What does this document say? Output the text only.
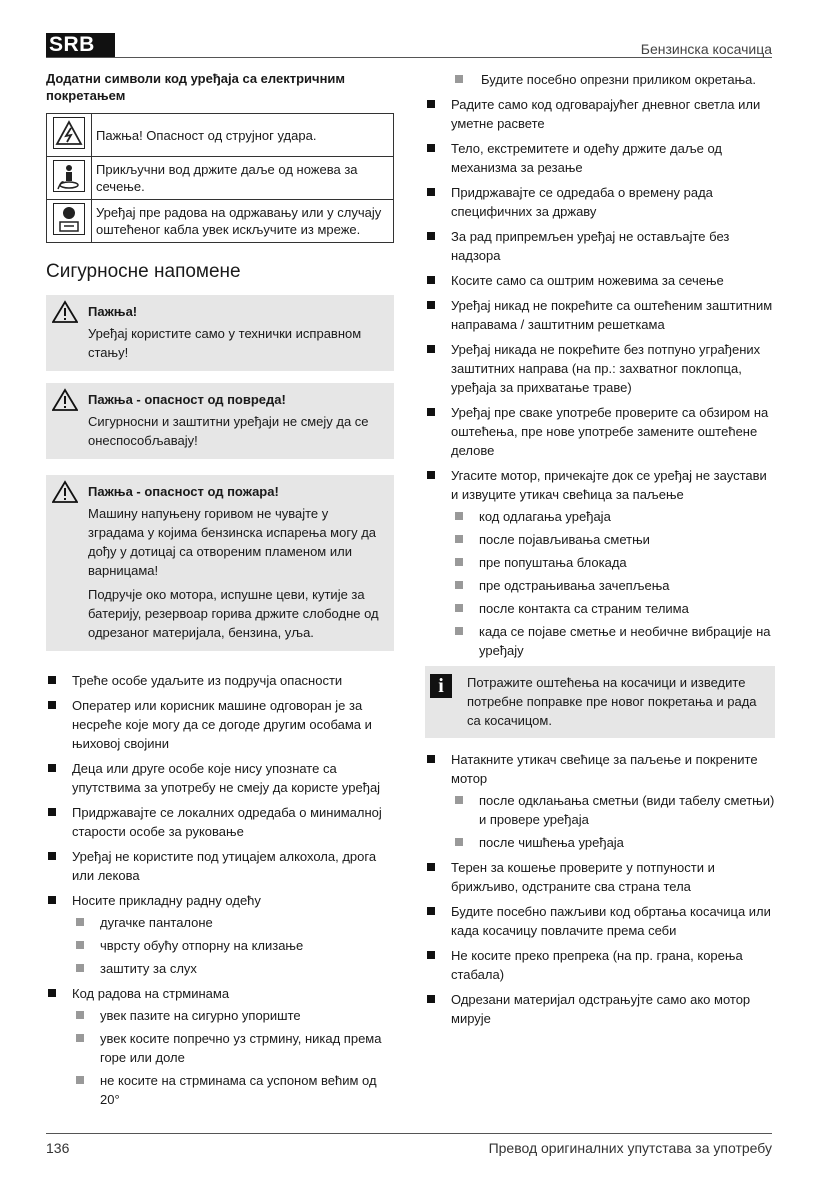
SRB	Бензинска косачица
Додатни символи код уређаја са електричним покретањем
	Пажња! Опасност од струјног удара.
	Прикључни вод држите даље од ножева за сечење.
	Уређај пре радова на одржавању или у случају оштећеног кабла увек искључите из мреже.
Сигурносне напомене
Пажња!

Уређај користите само у технички исправном стању!

Пажња - опасност од повреда!

Сигурносни и заштитни уређаји не смеју да се онеспособљавају!

Пажња - опасност од пожара!

Машину напуњену горивом не чувајте у зградама у којима бензинска испарења могу да дођу у дотицај са отвореним пламеном или варницама!

Подручје око мотора, испушне цеви, кутије за батерију, резервоар горива држите слободне од одрезаног материјала, бензина, уља.

Треће особе удаљите из подручја опасности
Оператер или корисник машине одговоран је за несреће које могу да се догоде другим особама и њиховој својини
Деца или друге особе које нису упознате са упутствима за употребу не смеју да користе уређај
Придржавајте се локалних одредаба о минималној старости особе за руковање
Уређај не користите под утицајем алкохола, дрога или лекова
Носите прикладну радну одећу
дугачке панталоне
чврсту обућу отпорну на клизање
заштиту за слух
Код радова на стрминама
увек пазите на сигурно упориште
увек косите попречно уз стрмину, никад према горе или доле
не косите на стрминама са успоном већим од 20°
Будите посебно опрезни приликом окретања.
Радите само код одговарајућег дневног светла или уметне расвете
Тело, екстремитете и одећу држите даље од механизма за резање
Придржавајте се одредаба о времену рада специфичних за државу
За рад припремљен уређај не остављајте без надзора
Косите само са оштрим ножевима за сечење
Уређај никад не покрећите са оштећеним заштитним направама / заштитним решеткама
Уређај никада не покрећите без потпуно уграђених заштитних направа (на пр.: захватног поклопца, уређаја за прихватање траве)
Уређај пре сваке употребе проверите са обзиром на оштећења, пре нове употребе замените оштећене делове
Угасите мотор, причекајте док се уређај не заустави и извуците утикач свећица за паљење
код одлагања уређаја
после појављивања сметњи
пре попуштања блокада
пре одстрањивања зачепљења
после контакта са страним телима
када се појаве сметње и необичне вибрације на уређају
i	Потражите оштећења на косачици и изведите потребне поправке пре новог покретања и рада са косачицом.

Натакните утикач свећице за паљење и покрените мотор
после одклањања сметњи (види табелу сметњи) и провере уређаја
после чишћења уређаја
Терен за кошење проверите у потпуности и брижљиво, одстраните сва страна тела
Будите посебно пажљиви код обртања косачица или када косачицу повлачите према себи
Не косите преко препрека (на пр. грана, корења стабала)
Одрезани материјал одстрањујте само ако мотор мирује
136	Превод оригиналних упутстава за употребу
